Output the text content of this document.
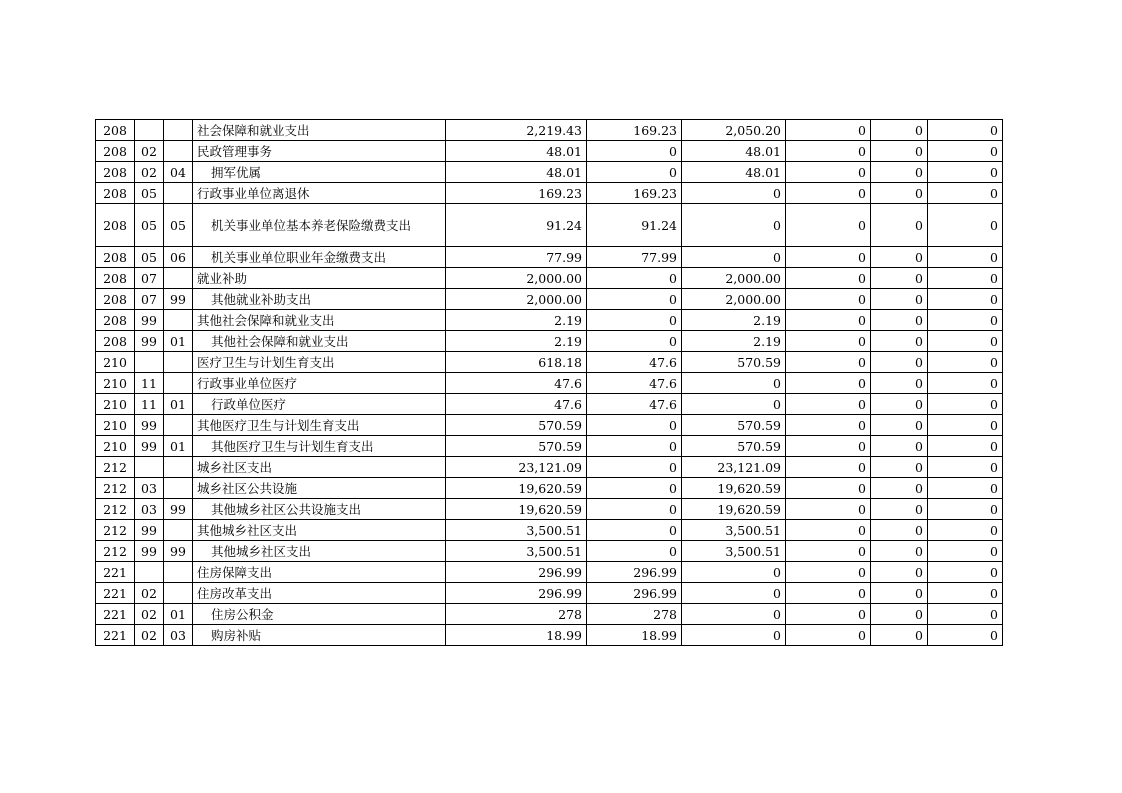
208			社会保障和就业支出	2,219.43	169.23	2,050.20	0	0	0
208	02		民政管理事务	48.01	0	48.01	0	0	0
208	02	04	拥军优属	48.01	0	48.01	0	0	0
208	05		行政事业单位离退休	169.23	169.23	0	0	0	0
208	05	05	机关事业单位基本养老保险缴费支出	91.24	91.24	0	0	0	0
208	05	06	机关事业单位职业年金缴费支出	77.99	77.99	0	0	0	0
208	07		就业补助	2,000.00	0	2,000.00	0	0	0
208	07	99	其他就业补助支出	2,000.00	0	2,000.00	0	0	0
208	99		其他社会保障和就业支出	2.19	0	2.19	0	0	0
208	99	01	其他社会保障和就业支出	2.19	0	2.19	0	0	0
210			医疗卫生与计划生育支出	618.18	47.6	570.59	0	0	0
210	11		行政事业单位医疗	47.6	47.6	0	0	0	0
210	11	01	行政单位医疗	47.6	47.6	0	0	0	0
210	99		其他医疗卫生与计划生育支出	570.59	0	570.59	0	0	0
210	99	01	其他医疗卫生与计划生育支出	570.59	0	570.59	0	0	0
212			城乡社区支出	23,121.09	0	23,121.09	0	0	0
212	03		城乡社区公共设施	19,620.59	0	19,620.59	0	0	0
212	03	99	其他城乡社区公共设施支出	19,620.59	0	19,620.59	0	0	0
212	99		其他城乡社区支出	3,500.51	0	3,500.51	0	0	0
212	99	99	其他城乡社区支出	3,500.51	0	3,500.51	0	0	0
221			住房保障支出	296.99	296.99	0	0	0	0
221	02		住房改革支出	296.99	296.99	0	0	0	0
221	02	01	住房公积金	278	278	0	0	0	0
221	02	03	购房补贴	18.99	18.99	0	0	0	0
